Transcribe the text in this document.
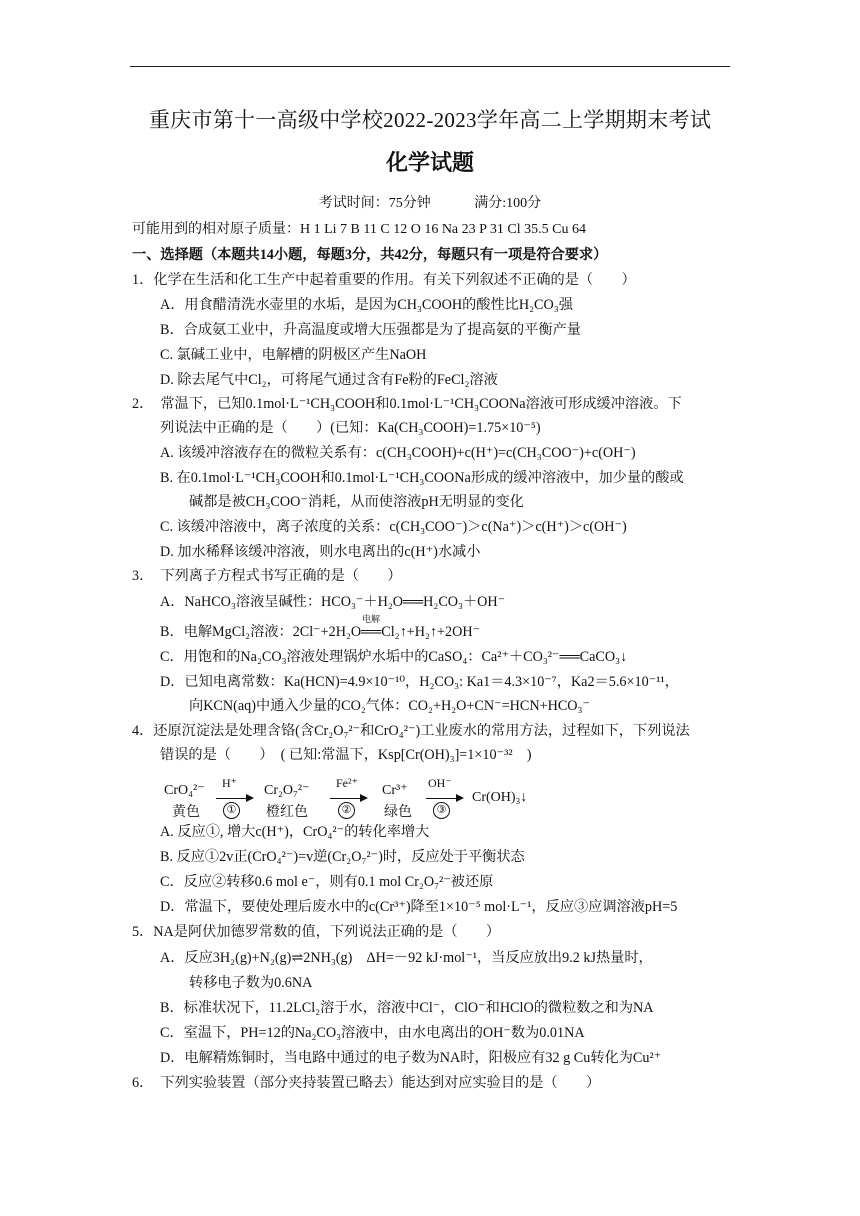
重庆市第十一高级中学校2022-2023学年高二上学期期末考试
化学试题
考试时间：75分钟	满分:100分
可能用到的相对原子质量：H 1 Li 7 B 11 C 12 O 16 Na 23 P 31 Cl 35.5 Cu 64
一、选择题（本题共14小题，每题3分，共42分，每题只有一项是符合要求）
1．化学在生活和化工生产中起着重要的作用。有关下列叙述不正确的是（　　）
A．用食醋清洗水壶里的水垢，是因为CH₃COOH的酸性比H₂CO₃强
B．合成氨工业中，升高温度或增大压强都是为了提高氨的平衡产量
C. 氯碱工业中，电解槽的阴极区产生NaOH
D. 除去尾气中Cl₂，可将尾气通过含有Fe粉的FeCl₂溶液
2．　常温下，已知0.1mol·L⁻¹CH₃COOH和0.1mol·L⁻¹CH₃COONa溶液可形成缓冲溶液。下
列说法中正确的是（　　）(已知：Ka(CH₃COOH)=1.75×10⁻⁵)
A. 该缓冲溶液存在的微粒关系有：c(CH₃COOH)+c(H⁺)=c(CH₃COO⁻)+c(OH⁻)
B. 在0.1mol·L⁻¹CH₃COOH和0.1mol·L⁻¹CH₃COONa形成的缓冲溶液中，加少量的酸或
碱都是被CH₃COO⁻消耗，从而使溶液pH无明显的变化
C. 该缓冲溶液中，离子浓度的关系：c(CH₃COO⁻)＞c(Na⁺)＞c(H⁺)＞c(OH⁻)
D. 加水稀释该缓冲溶液，则水电离出的c(H⁺)水减小
3．　下列离子方程式书写正确的是（　　）
A．NaHCO₃溶液呈碱性：HCO₃⁻＋H₂O══H₂CO₃＋OH⁻
电解
B．电解MgCl₂溶液：2Cl⁻+2H₂O══Cl₂↑+H₂↑+2OH⁻
C．用饱和的Na₂CO₃溶液处理锅炉水垢中的CaSO₄：Ca²⁺＋CO₃²⁻══CaCO₃↓
D．已知电离常数：Ka(HCN)=4.9×10⁻¹⁰，H₂CO₃: Ka1＝4.3×10⁻⁷，Ka2＝5.6×10⁻¹¹，
向KCN(aq)中通入少量的CO₂气体：CO₂+H₂O+CN⁻=HCN+HCO₃⁻
4．还原沉淀法是处理含铬(含Cr₂O₇²⁻和CrO₄²⁻)工业废水的常用方法，过程如下，下列说法
错误的是（　　）　( 已知:常温下，Ksp[Cr(OH)₃]=1×10⁻³²　)
CrO₄²⁻
黄色
H⁺
①
Cr₂O₇²⁻
橙红色
Fe²⁺
②
Cr³⁺
绿色
OH⁻
③
Cr(OH)₃↓
A. 反应①, 增大c(H⁺)，CrO₄²⁻的转化率增大
B. 反应①2v正(CrO₄²⁻)=v逆(Cr₂O₇²⁻)时，反应处于平衡状态
C．反应②转移0.6 mol e⁻，则有0.1 mol Cr₂O₇²⁻被还原
D．常温下，要使处理后废水中的c(Cr³⁺)降至1×10⁻⁵ mol·L⁻¹，反应③应调溶液pH=5
5．NA是阿伏加德罗常数的值，下列说法正确的是（　　）
A．反应3H₂(g)+N₂(g)⇌2NH₃(g)　ΔH=－92 kJ·mol⁻¹，当反应放出9.2 kJ热量时，
转移电子数为0.6NA
B．标准状况下，11.2LCl₂溶于水，溶液中Cl⁻，ClO⁻和HClO的微粒数之和为NA
C．室温下，PH=12的Na₂CO₃溶液中，由水电离出的OH⁻数为0.01NA
D．电解精炼铜时，当电路中通过的电子数为NA时，阳极应有32 g Cu转化为Cu²⁺
6．　下列实验装置（部分夹持装置已略去）能达到对应实验目的是（　　）
